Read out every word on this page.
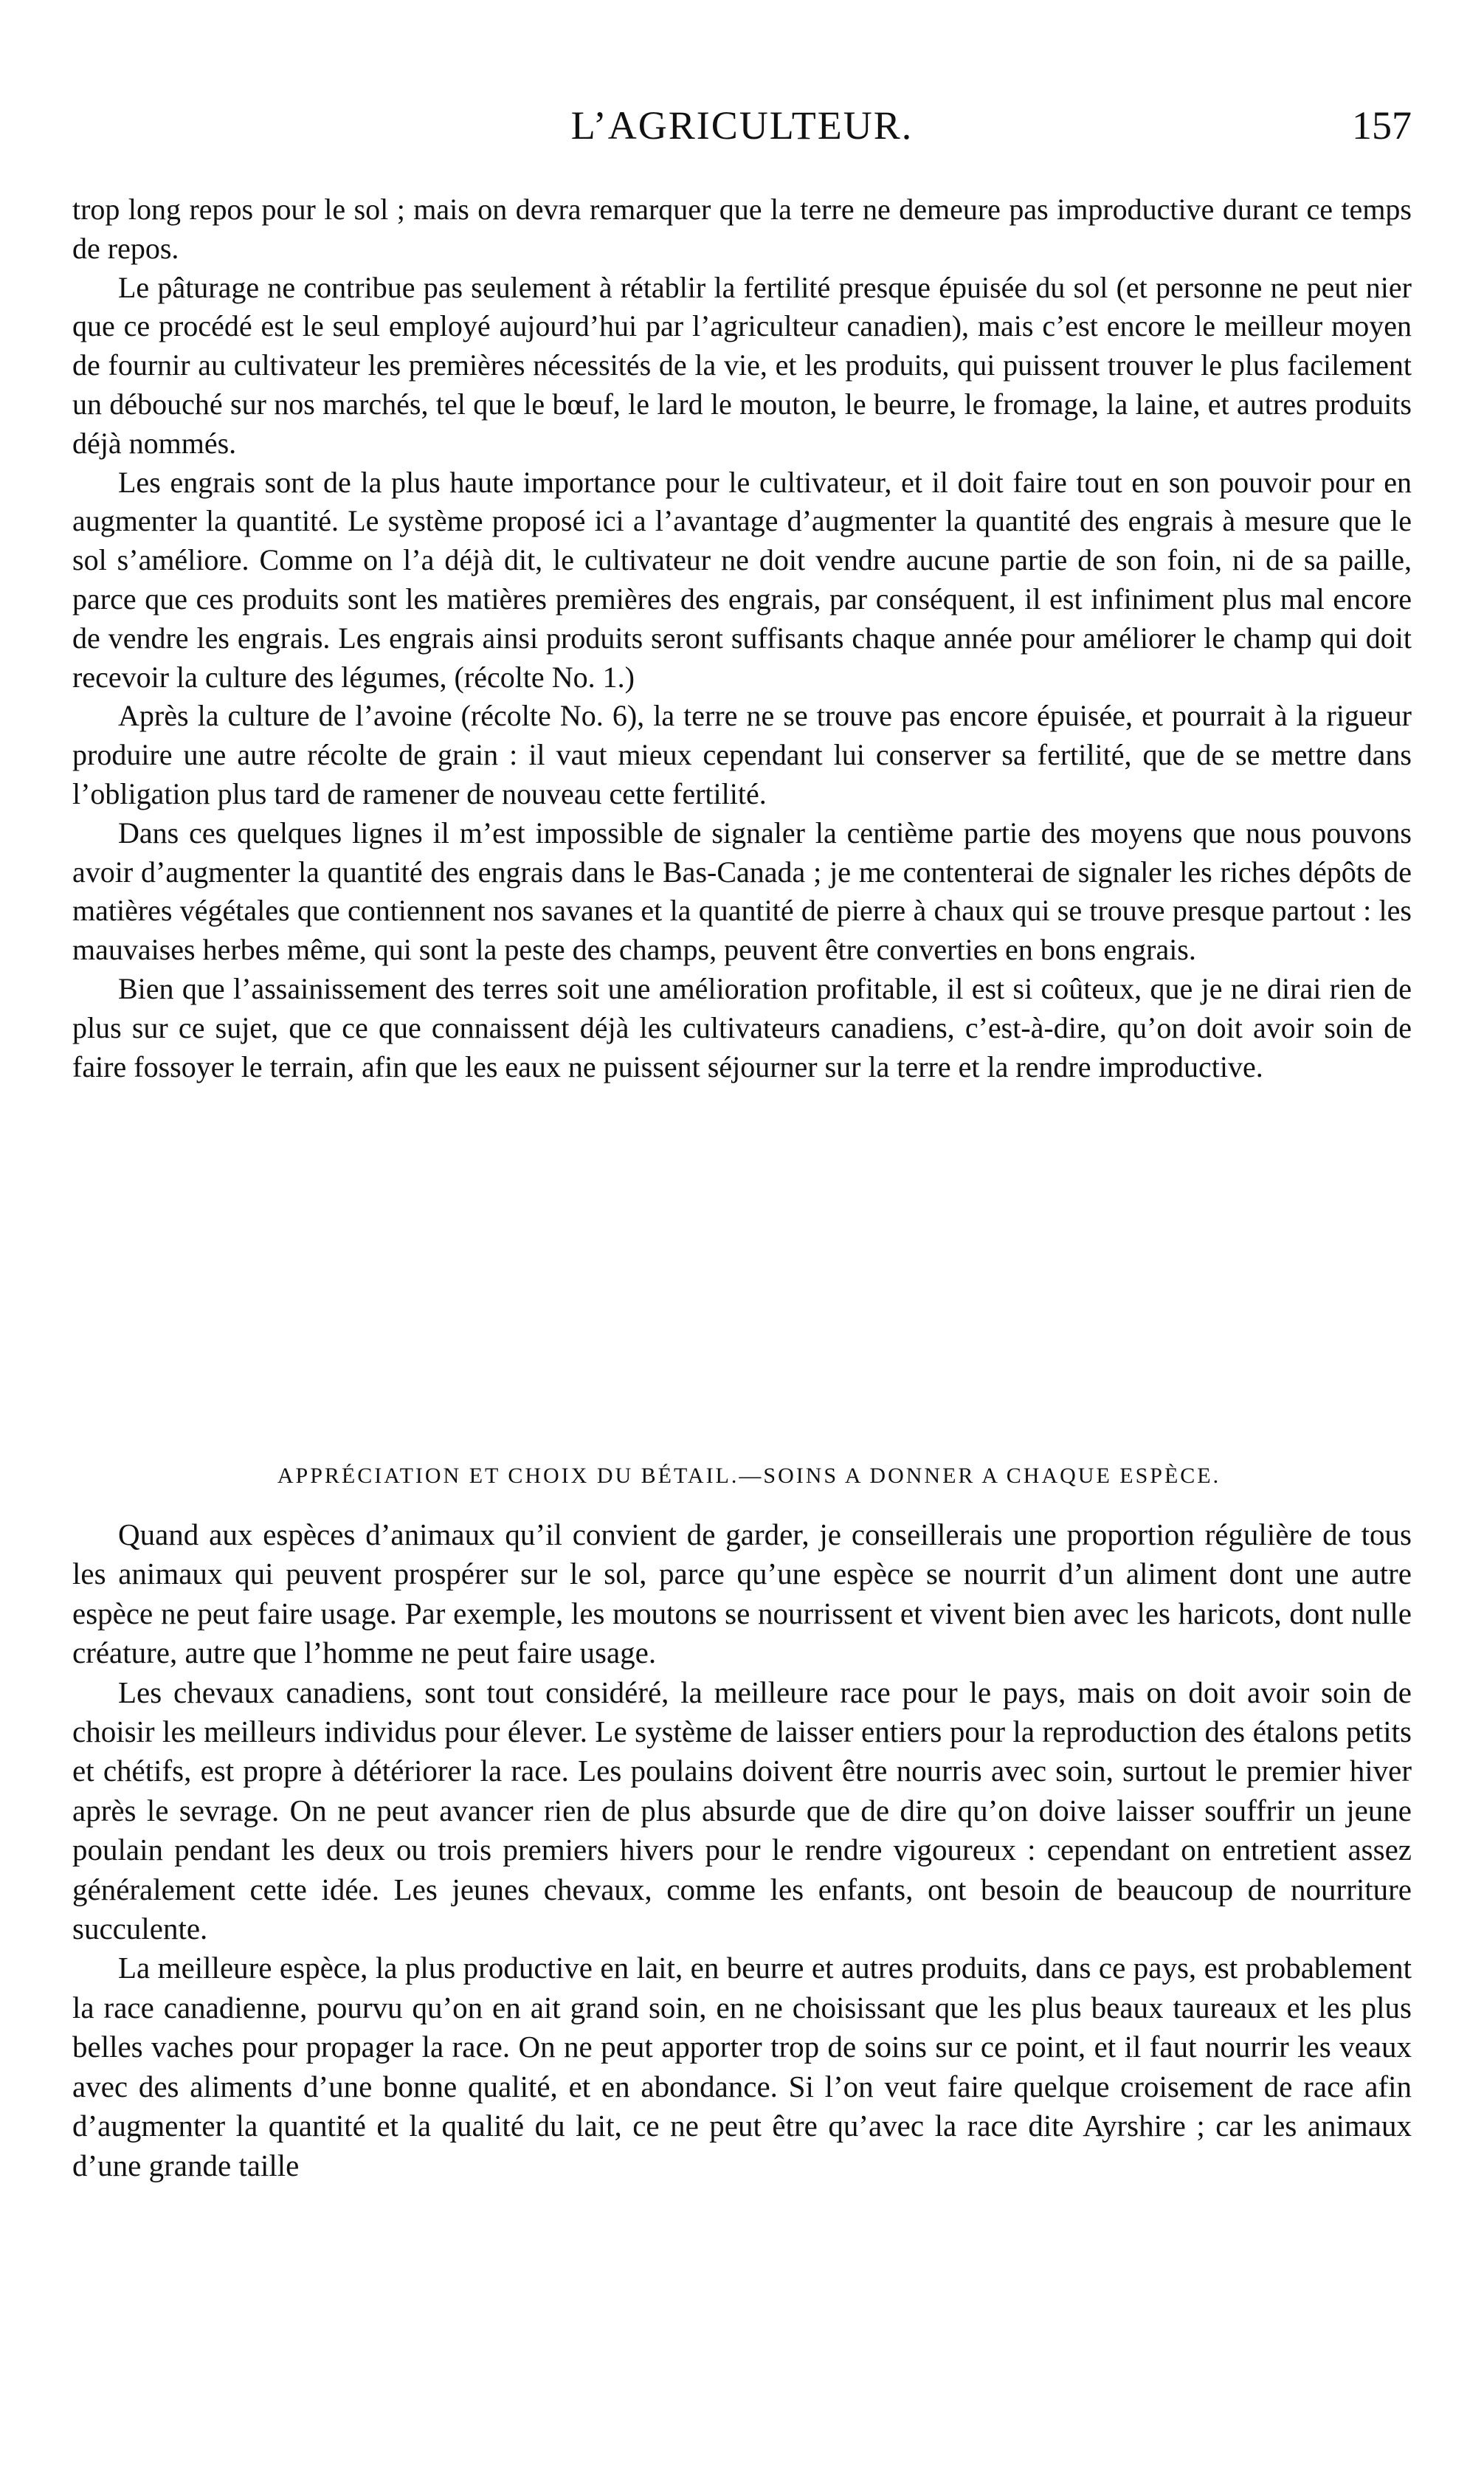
L’AGRICULTEUR.	157

trop long repos pour le sol ; mais on devra remarquer que la terre ne demeure pas improductive durant ce temps de repos.

Le pâturage ne contribue pas seulement à rétablir la fertilité presque épuisée du sol (et personne ne peut nier que ce procédé est le seul employé aujourd’hui par l’agriculteur canadien), mais c’est encore le meilleur moyen de fournir au cultivateur les premières nécessités de la vie, et les produits, qui puissent trouver le plus facilement un débouché sur nos marchés, tel que le bœuf, le lard le mouton, le beurre, le fromage, la laine, et autres produits déjà nommés.

Les engrais sont de la plus haute importance pour le cultivateur, et il doit faire tout en son pouvoir pour en augmenter la quantité. Le système proposé ici a l’avantage d’augmenter la quantité des engrais à mesure que le sol s’améliore. Comme on l’a déjà dit, le cultivateur ne doit vendre aucune partie de son foin, ni de sa paille, parce que ces produits sont les matières premières des engrais, par conséquent, il est infiniment plus mal encore de vendre les engrais. Les engrais ainsi produits seront suffisants chaque année pour améliorer le champ qui doit recevoir la culture des légumes, (récolte No. 1.)

Après la culture de l’avoine (récolte No. 6), la terre ne se trouve pas encore épuisée, et pourrait à la rigueur produire une autre récolte de grain : il vaut mieux cependant lui conserver sa fertilité, que de se mettre dans l’obligation plus tard de ramener de nouveau cette fertilité.

Dans ces quelques lignes il m’est impossible de signaler la centième partie des moyens que nous pouvons avoir d’augmenter la quantité des engrais dans le Bas-Canada ; je me contenterai de signaler les riches dépôts de matières végétales que contiennent nos savanes et la quantité de pierre à chaux qui se trouve presque partout : les mauvaises herbes même, qui sont la peste des champs, peuvent être converties en bons engrais.

Bien que l’assainissement des terres soit une amélioration profitable, il est si coûteux, que je ne dirai rien de plus sur ce sujet, que ce que connaissent déjà les cultivateurs canadiens, c’est-à-dire, qu’on doit avoir soin de faire fossoyer le terrain, afin que les eaux ne puissent séjourner sur la terre et la rendre improductive.

APPRÉCIATION ET CHOIX DU BÉTAIL.—SOINS A DONNER A CHAQUE ESPÈCE.

Quand aux espèces d’animaux qu’il convient de garder, je conseillerais une proportion régulière de tous les animaux qui peuvent prospérer sur le sol, parce qu’une espèce se nourrit d’un aliment dont une autre espèce ne peut faire usage. Par exemple, les moutons se nourrissent et vivent bien avec les haricots, dont nulle créature, autre que l’homme ne peut faire usage.

Les chevaux canadiens, sont tout considéré, la meilleure race pour le pays, mais on doit avoir soin de choisir les meilleurs individus pour élever. Le système de laisser entiers pour la reproduction des étalons petits et chétifs, est propre à détériorer la race. Les poulains doivent être nourris avec soin, surtout le premier hiver après le sevrage. On ne peut avancer rien de plus absurde que de dire qu’on doive laisser souffrir un jeune poulain pendant les deux ou trois premiers hivers pour le rendre vigoureux : cependant on entretient assez généralement cette idée. Les jeunes chevaux, comme les enfants, ont besoin de beaucoup de nourriture succulente.

La meilleure espèce, la plus productive en lait, en beurre et autres produits, dans ce pays, est probablement la race canadienne, pourvu qu’on en ait grand soin, en ne choisissant que les plus beaux taureaux et les plus belles vaches pour propager la race. On ne peut apporter trop de soins sur ce point, et il faut nourrir les veaux avec des aliments d’une bonne qualité, et en abondance. Si l’on veut faire quelque croisement de race afin d’augmenter la quantité et la qualité du lait, ce ne peut être qu’avec la race dite Ayrshire ; car les animaux d’une grande taille
